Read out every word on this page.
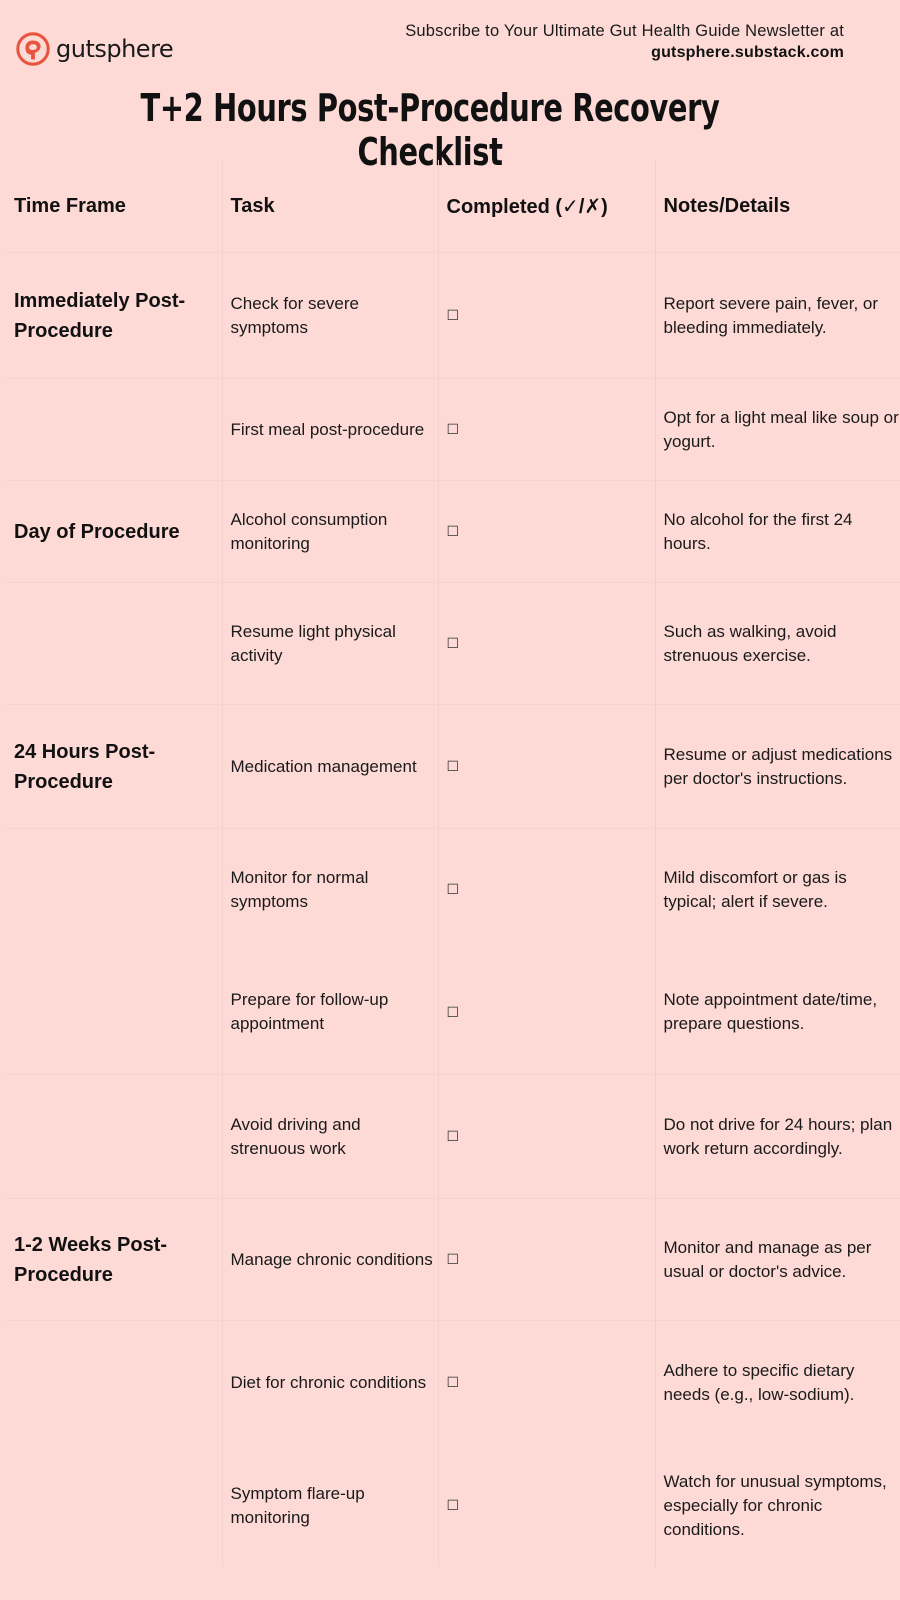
gutsphere
Subscribe to Your Ultimate Gut Health Guide Newsletter at
gutsphere.substack.com
T+2 Hours Post-Procedure Recovery Checklist
Time Frame	Task	Completed (✓/✗)	Notes/Details
Immediately Post-Procedure	Check for severe symptoms	☐	Report severe pain, fever, or bleeding immediately.
	First meal post-procedure	☐	Opt for a light meal like soup or yogurt.
Day of Procedure	Alcohol consumption monitoring	☐	No alcohol for the first 24 hours.
	Resume light physical activity	☐	Such as walking, avoid strenuous exercise.
24 Hours Post-Procedure	Medication management	☐	Resume or adjust medications per doctor's instructions.
	Monitor for normal symptoms	☐	Mild discomfort or gas is typical; alert if severe.
	Prepare for follow-up appointment	☐	Note appointment date/time, prepare questions.
	Avoid driving and strenuous work	☐	Do not drive for 24 hours; plan work return accordingly.
1-2 Weeks Post-Procedure	Manage chronic conditions	☐	Monitor and manage as per usual or doctor's advice.
	Diet for chronic conditions	☐	Adhere to specific dietary needs (e.g., low-sodium).
	Symptom flare-up monitoring	☐	Watch for unusual symptoms, especially for chronic conditions.
